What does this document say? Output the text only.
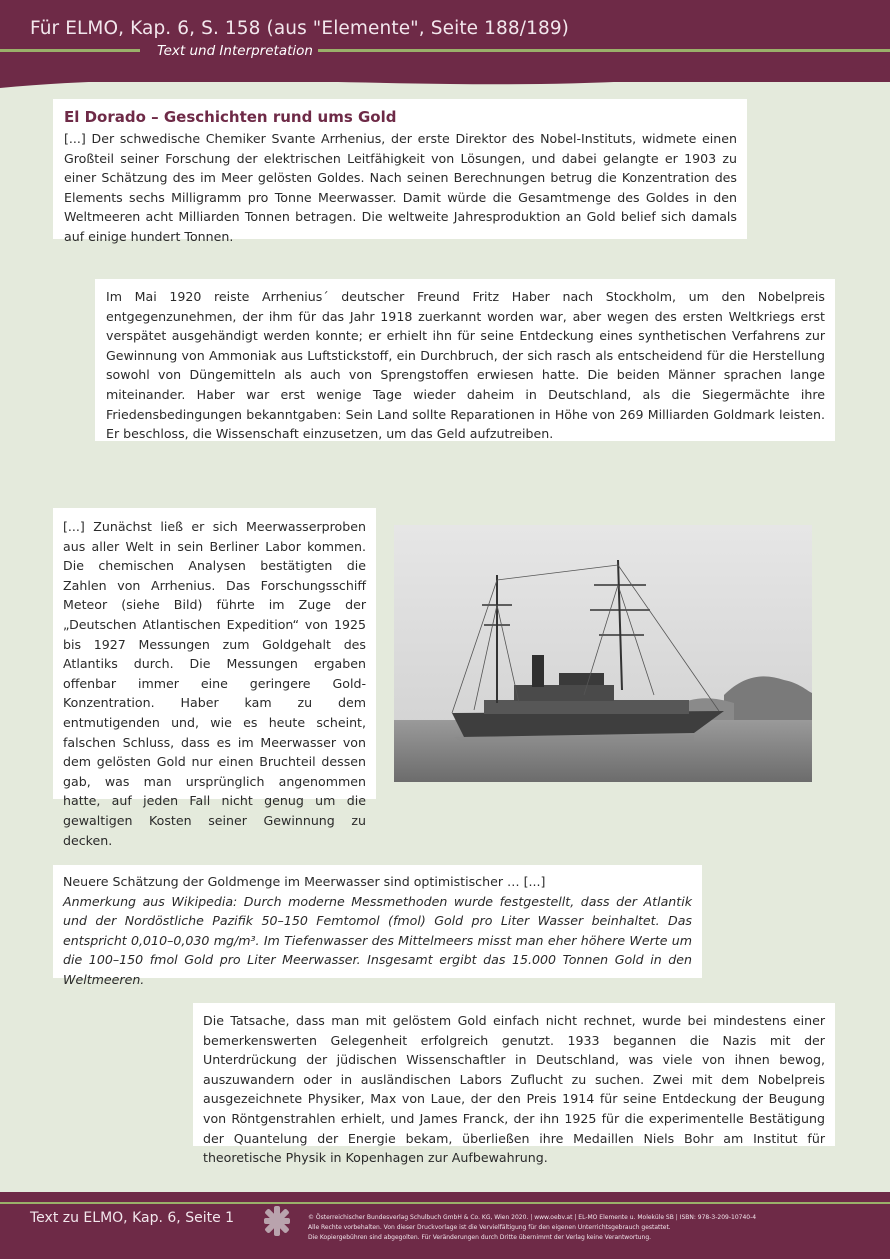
Für ELMO, Kap. 6, S. 158 (aus "Elemente", Seite 188/189)
Text und Interpretation
El Dorado – Geschichten rund ums Gold

[...] Der schwedische Chemiker Svante Arrhenius, der erste Direktor des Nobel-Instituts, widmete einen Großteil seiner Forschung der elektrischen Leitfähigkeit von Lösungen, und dabei gelangte er 1903 zu einer Schätzung des im Meer gelösten Goldes. Nach seinen Berechnungen betrug die Konzentration des Elements sechs Milligramm pro Tonne Meerwasser. Damit würde die Gesamtmenge des Goldes in den Weltmeeren acht Milliarden Tonnen betragen. Die weltweite Jahresproduktion an Gold belief sich damals auf einige hundert Tonnen.

Im Mai 1920 reiste Arrhenius´ deutscher Freund Fritz Haber nach Stockholm, um den Nobelpreis entgegenzunehmen, der ihm für das Jahr 1918 zuerkannt worden war, aber wegen des ersten Weltkriegs erst verspätet ausgehändigt werden konnte; er erhielt ihn für seine Entdeckung eines synthetischen Verfahrens zur Gewinnung von Ammoniak aus Luftstickstoff, ein Durchbruch, der sich rasch als entscheidend für die Herstellung sowohl von Düngemitteln als auch von Sprengstoffen erwiesen hatte. Die beiden Männer sprachen lange miteinander. Haber war erst wenige Tage wieder daheim in Deutschland, als die Siegermächte ihre Friedensbedingungen bekanntgaben: Sein Land sollte Reparationen in Höhe von 269 Milliarden Goldmark leisten. Er beschloss, die Wissenschaft einzusetzen, um das Geld aufzutreiben.

[...] Zunächst ließ er sich Meerwasserproben aus aller Welt in sein Berliner Labor kommen. Die chemischen Analysen bestätigten die Zahlen von Arrhenius. Das Forschungsschiff Meteor (siehe Bild) führte im Zuge der „Deutschen Atlantischen Expedition“ von 1925 bis 1927 Messungen zum Goldgehalt des Atlantiks durch. Die Messungen ergaben offenbar immer eine geringere Gold-Konzentration. Haber kam zu dem entmutigenden und, wie es heute scheint, falschen Schluss, dass es im Meerwasser von dem gelösten Gold nur einen Bruchteil dessen gab, was man ursprünglich angenommen hatte, auf jeden Fall nicht genug um die gewaltigen Kosten seiner Gewinnung zu decken.

Neuere Schätzung der Goldmenge im Meerwasser sind optimistischer … [...]

Anmerkung aus Wikipedia: Durch moderne Messmethoden wurde festgestellt, dass der Atlantik und der Nordöstliche Pazifik 50–150 Femtomol (fmol) Gold pro Liter Wasser beinhaltet. Das entspricht 0,010–0,030 mg/m³. Im Tiefenwasser des Mittelmeers misst man eher höhere Werte um die 100–150 fmol Gold pro Liter Meerwasser. Insgesamt ergibt das 15.000 Tonnen Gold in den Weltmeeren.

Die Tatsache, dass man mit gelöstem Gold einfach nicht rechnet, wurde bei mindestens einer bemerkenswerten Gelegenheit erfolgreich genutzt. 1933 begannen die Nazis mit der Unterdrückung der jüdischen Wissenschaftler in Deutschland, was viele von ihnen bewog, auszuwandern oder in ausländischen Labors Zuflucht zu suchen. Zwei mit dem Nobelpreis ausgezeichnete Physiker, Max von Laue, der den Preis 1914 für seine Entdeckung der Beugung von Röntgenstrahlen erhielt, und James Franck, der ihn 1925 für die experimentelle Bestätigung der Quantelung der Energie bekam, überließen ihre Medaillen Niels Bohr am Institut für theoretische Physik in Kopenhagen zur Aufbewahrung.

Text zu ELMO, Kap. 6, Seite 1	© Österreichischer Bundesverlag Schulbuch GmbH & Co. KG, Wien 2020. | www.oebv.at | EL-MO Elemente u. Moleküle SB | ISBN: 978-3-209-10740-4
Alle Rechte vorbehalten. Von dieser Druckvorlage ist die Vervielfältigung für den eigenen Unterrichtsgebrauch gestattet.
Die Kopiergebühren sind abgegolten. Für Veränderungen durch Dritte übernimmt der Verlag keine Verantwortung.
